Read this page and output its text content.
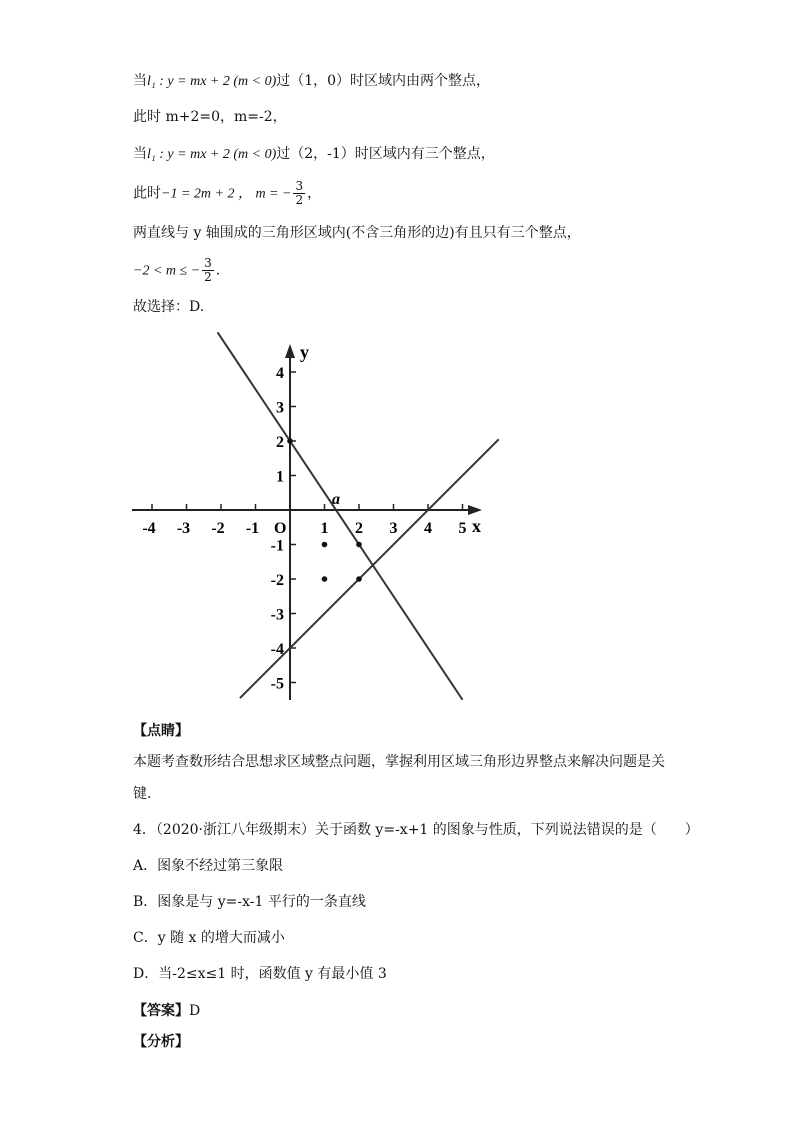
当l₁ : y = mx + 2 (m < 0)过（1，0）时区域内由两个整点，
此时 m+2=0，m=-2，
当l₁ : y = mx + 2 (m < 0)过（2，-1）时区域内有三个整点，
此时−1 = 2m + 2 ， m = − $\frac{3}{2}$ ，
两直线与 y 轴围成的三角形区域内(不含三角形的边)有且只有三个整点，
−2 < m ≤ − $\frac{3}{2}$ .
故选择：D.
-4 -3 -2 -1	1 2 3 4 5
4
3
2
1
-1
-2
-3
-4
-5
x
y
O
a
【点睛】
本题考查数形结合思想求区域整点问题，掌握利用区域三角形边界整点来解决问题是关
键.
4．（2020·浙江八年级期末）关于函数 y=-x+1 的图象与性质，下列说法错误的是（　　）
A．图象不经过第三象限
B．图象是与 y=-x-1 平行的一条直线
C．y 随 x 的增大而减小
D．当-2≤x≤1 时，函数值 y 有最小值 3
【答案】D
【分析】
